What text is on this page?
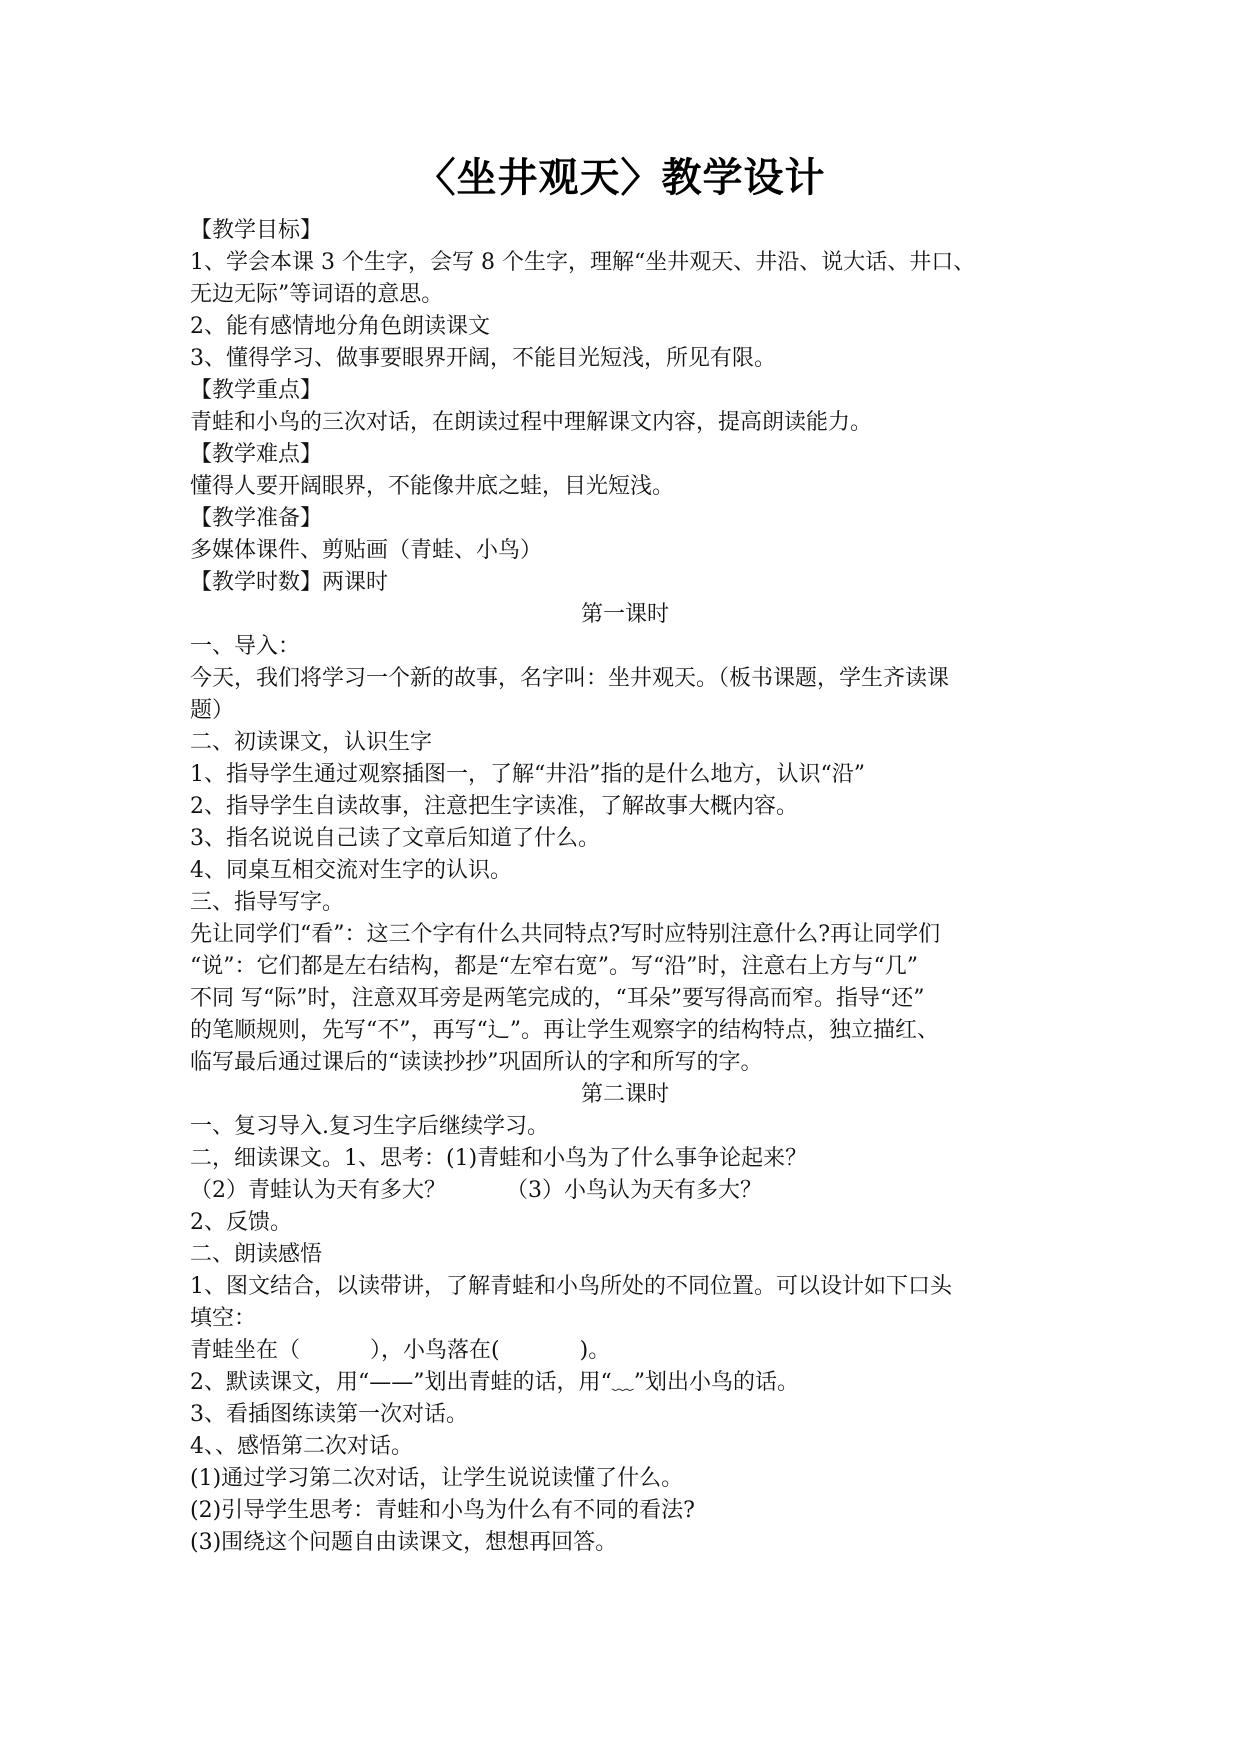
〈坐井观天〉教学设计
【教学目标】
1、学会本课 3 个生字，会写 8 个生字，理解“坐井观天、井沿、说大话、井口、
无边无际”等词语的意思。
2、能有感情地分角色朗读课文
3、懂得学习、做事要眼界开阔，不能目光短浅，所见有限。
【教学重点】
青蛙和小鸟的三次对话，在朗读过程中理解课文内容，提高朗读能力。
【教学难点】
懂得人要开阔眼界，不能像井底之蛙，目光短浅。
【教学准备】
多媒体课件、剪贴画（青蛙、小鸟）
【教学时数】两课时
第一课时
一、导入：
今天，我们将学习一个新的故事，名字叫：坐井观天。（板书课题，学生齐读课
题）
二、初读课文，认识生字
1、指导学生通过观察插图一，了解“井沿”指的是什么地方，认识“沿”
2、指导学生自读故事，注意把生字读准，了解故事大概内容。
3、指名说说自己读了文章后知道了什么。
4、同桌互相交流对生字的认识。
三、指导写字。
先让同学们“看”：这三个字有什么共同特点?写时应特别注意什么?再让同学们
“说”：它们都是左右结构，都是“左窄右宽”。写“沿”时，注意右上方与“几”
不同 写“际”时，注意双耳旁是两笔完成的，“耳朵”要写得高而窄。指导“还”
的笔顺规则，先写“不”，再写“辶”。再让学生观察字的结构特点，独立描红、
临写最后通过课后的“读读抄抄”巩固所认的字和所写的字。
第二课时
一、复习导入.复习生字后继续学习。
二，细读课文。1、思考：(1)青蛙和小鸟为了什么事争论起来？
（2）青蛙认为天有多大？	（3）小鸟认为天有多大？
2、反馈。
二、朗读感悟
1、图文结合，以读带讲，了解青蛙和小鸟所处的不同位置。可以设计如下口头
填空：
青蛙坐在（	），小鸟落在(	)。
2、默读课文，用“——”划出青蛙的话，用“﹏”划出小鸟的话。
3、看插图练读第一次对话。
4、、感悟第二次对话。
(1)通过学习第二次对话，让学生说说读懂了什么。
(2)引导学生思考：青蛙和小鸟为什么有不同的看法?
(3)围绕这个问题自由读课文，想想再回答。
